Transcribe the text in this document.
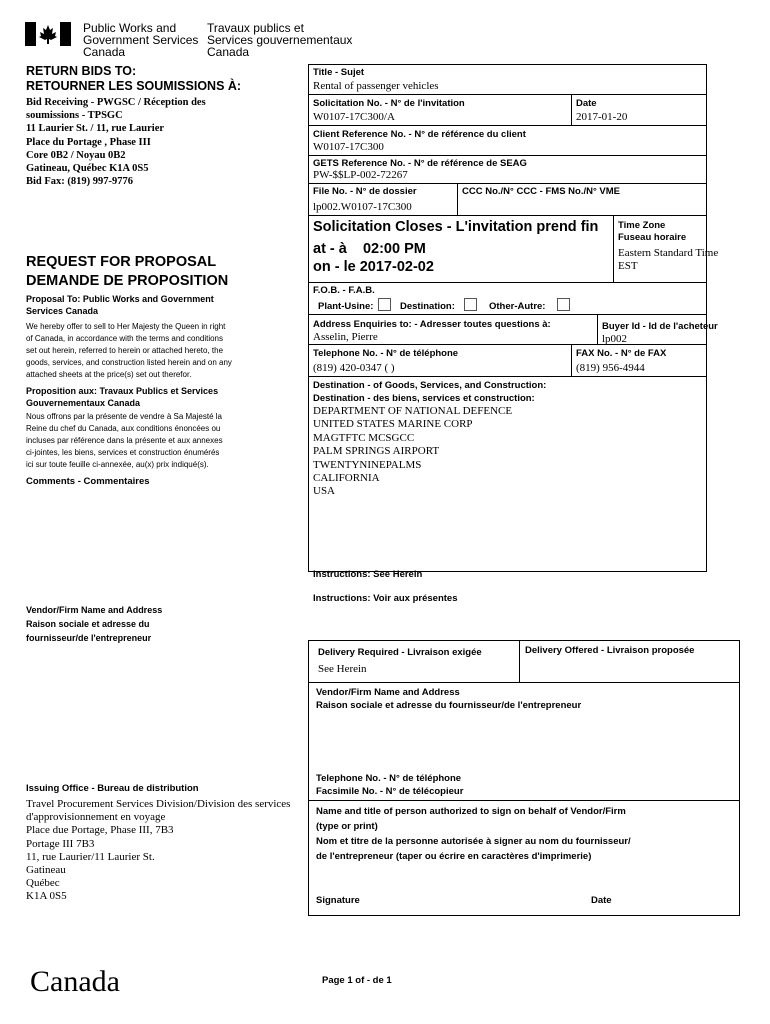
Public Works and
Government Services
Canada
Travaux publics et
Services gouvernementaux
Canada
RETURN BIDS TO:
RETOURNER LES SOUMISSIONS À:
Bid Receiving - PWGSC / Réception des
soumissions - TPSGC
11 Laurier St. / 11, rue Laurier
Place du Portage , Phase III
Core 0B2 / Noyau 0B2
Gatineau, Québec K1A 0S5
Bid Fax: (819) 997-9776
REQUEST FOR PROPOSAL
DEMANDE DE PROPOSITION
Proposal To: Public Works and Government
Services Canada
We hereby offer to sell to Her Majesty the Queen in right
of Canada, in accordance with the terms and conditions
set out herein, referred to herein or attached hereto, the
goods, services, and construction listed herein and on any
attached sheets at the price(s) set out therefor.
Proposition aux: Travaux Publics et Services
Gouvernementaux Canada
Nous offrons par la présente de vendre à Sa Majesté la
Reine du chef du Canada, aux conditions énoncées ou
incluses par référence dans la présente et aux annexes
ci-jointes, les biens, services et construction énumérés
ici sur toute feuille ci-annexée, au(x) prix indiqué(s).
Comments - Commentaires
Vendor/Firm Name and Address
Raison sociale et adresse du
fournisseur/de l'entrepreneur
Issuing Office - Bureau de distribution
Travel Procurement Services Division/Division des services
d'approvisionnement en voyage
Place due Portage, Phase III, 7B3
Portage III 7B3
11, rue Laurier/11 Laurier St.
Gatineau
Québec
K1A 0S5
Canada	Page 1 of - de 1
Title - Sujet
Rental of passenger vehicles
Solicitation No. - N° de l'invitation
W0107-17C300/A
Date
2017-01-20
Client Reference No. - N° de référence du client
W0107-17C300
GETS Reference No. - N° de référence de SEAG
PW-$$LP-002-72267
File No. - N° de dossier
lp002.W0107-17C300
CCC No./N° CCC - FMS No./N° VME
Solicitation Closes - L'invitation prend fin
at - à 02:00 PM
on - le 2017-02-02
Time Zone
Fuseau horaire
Eastern Standard Time
EST
F.O.B. - F.A.B.
Plant-Usine:	Destination:	Other-Autre:
Address Enquiries to: - Adresser toutes questions à:
Asselin, Pierre
Buyer Id - Id de l'acheteur
lp002
Telephone No. - N° de téléphone
(819) 420-0347 ( )
FAX No. - N° de FAX
(819) 956-4944
Destination - of Goods, Services, and Construction:
Destination - des biens, services et construction:
DEPARTMENT OF NATIONAL DEFENCE
UNITED STATES MARINE CORP
MAGTFTC MCSGCC
PALM SPRINGS AIRPORT
TWENTYNINEPALMS
CALIFORNIA
USA
Instructions: See Herein
Instructions: Voir aux présentes
Delivery Required - Livraison exigée
See Herein
Delivery Offered - Livraison proposée
Vendor/Firm Name and Address
Raison sociale et adresse du fournisseur/de l'entrepreneur
Telephone No. - N° de téléphone
Facsimile No. - N° de télécopieur
Name and title of person authorized to sign on behalf of Vendor/Firm
(type or print)
Nom et titre de la personne autorisée à signer au nom du fournisseur/
de l'entrepreneur (taper ou écrire en caractères d'imprimerie)
Signature	Date
